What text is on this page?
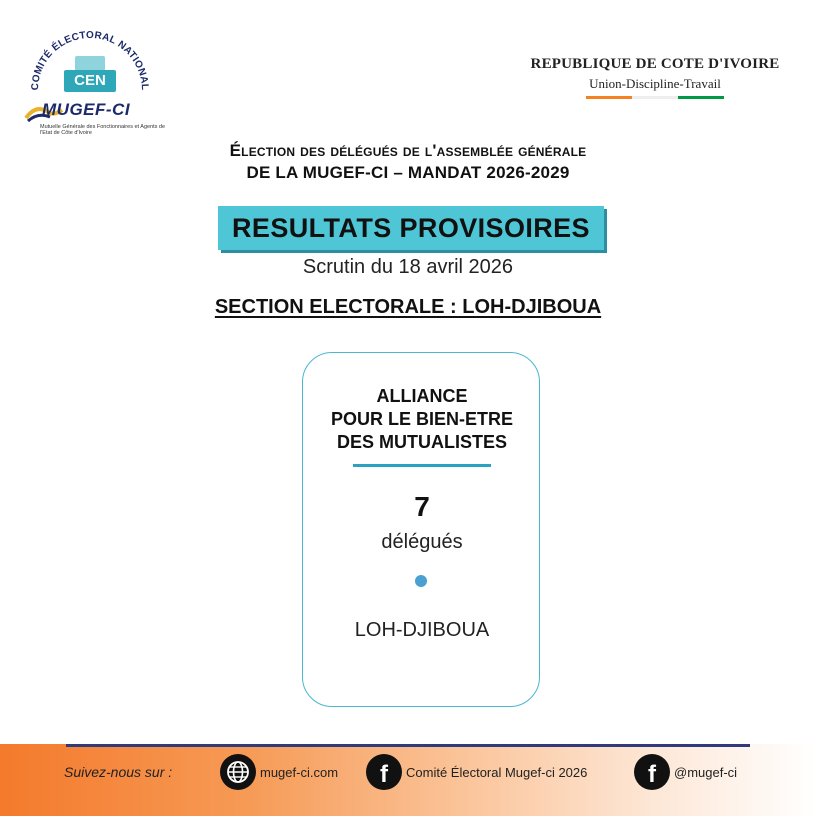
COMITÉ ÉLECTORAL NATIONAL
CEN
MUGEF-CI
Mutuelle Générale des Fonctionnaires et Agents de l'Etat de Côte d'Ivoire
REPUBLIQUE DE COTE D'IVOIRE
Union-Discipline-Travail
Élection des délégués de l'assemblée générale
DE LA MUGEF-CI – MANDAT 2026-2029
RESULTATS PROVISOIRES
Scrutin du 18 avril 2026
SECTION ELECTORALE : LOH-DJIBOUA
ALLIANCE
POUR LE BIEN-ETRE
DES MUTUALISTES
7
délégués
LOH-DJIBOUA
Suivez-nous sur :	mugef-ci.com f Comité Électoral Mugef-ci 2026	f @mugef-ci
